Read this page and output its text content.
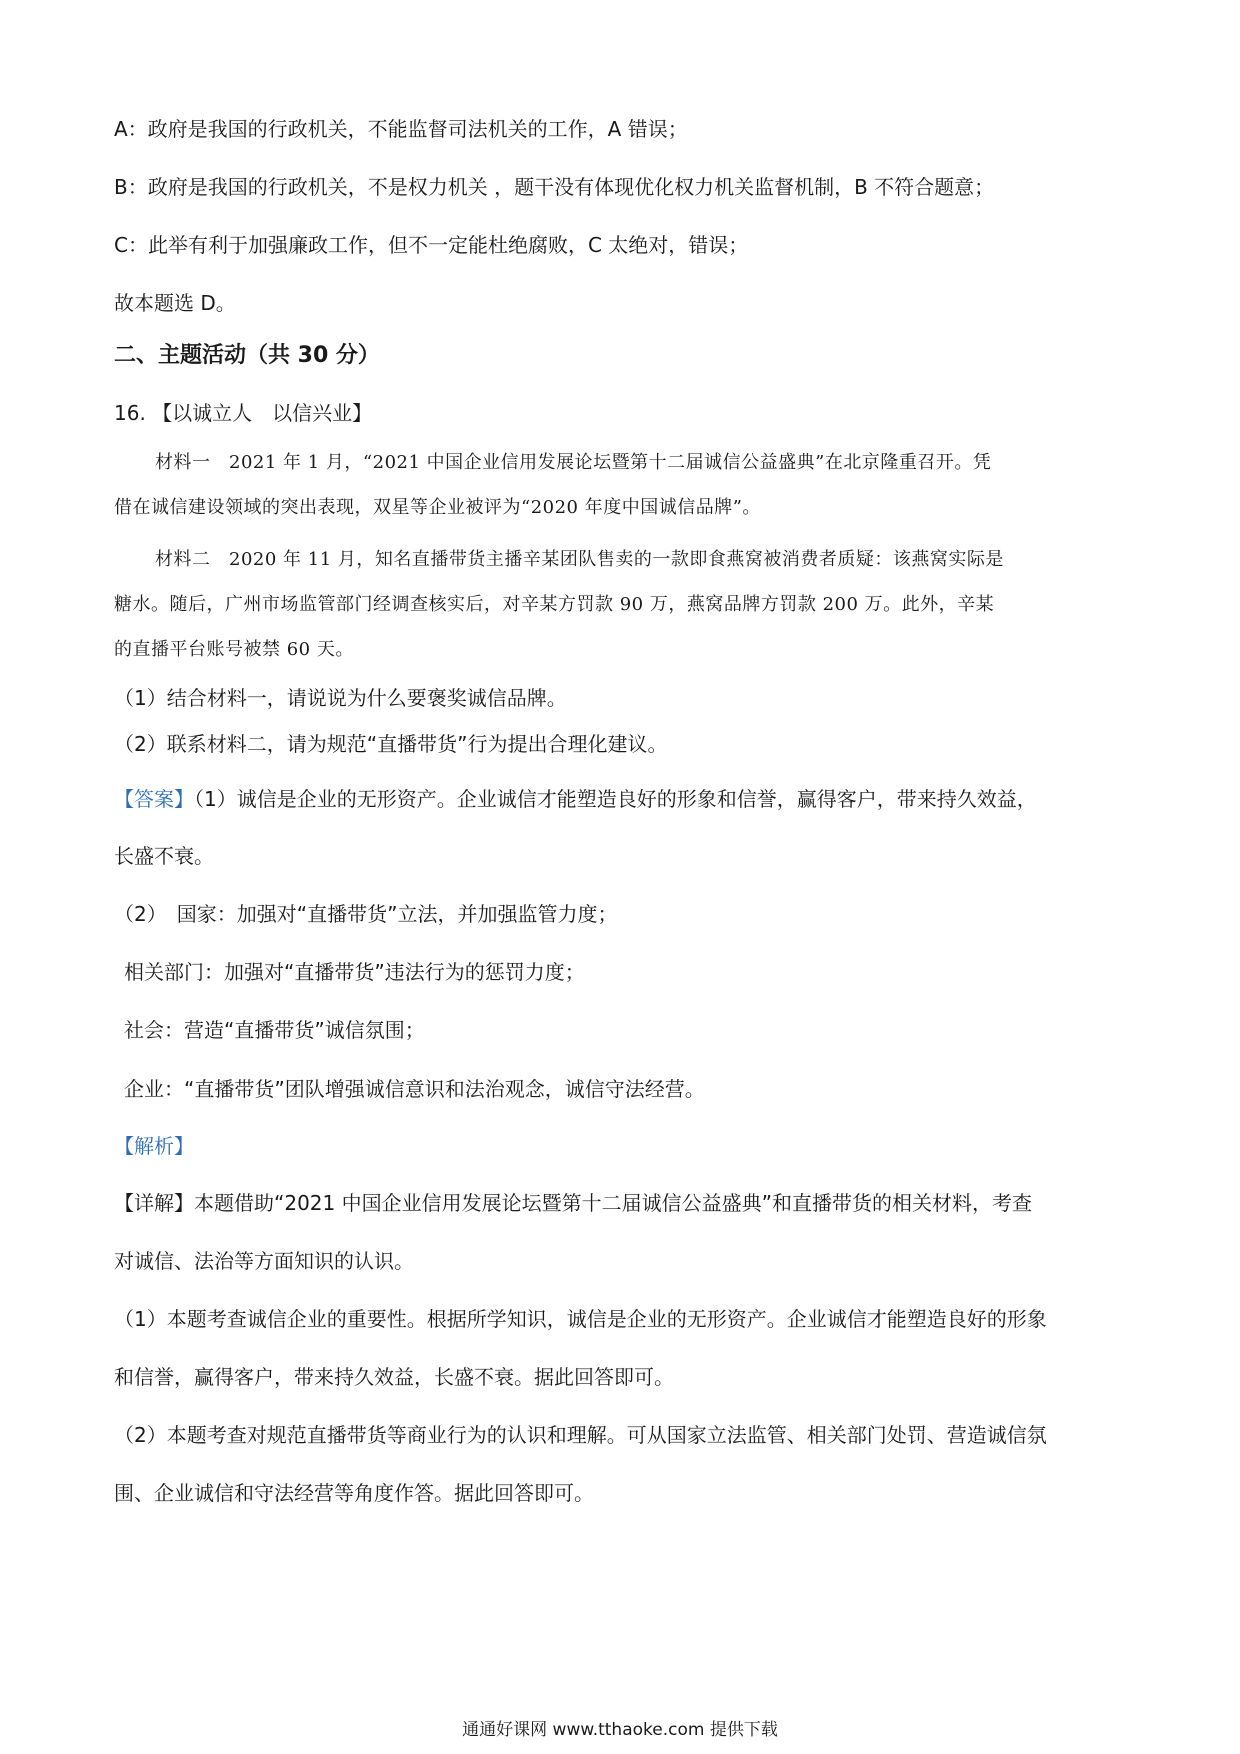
A：政府是我国的行政机关，不能监督司法机关的工作，A 错误；
B：政府是我国的行政机关，不是权力机关 ，题干没有体现优化权力机关监督机制，B 不符合题意；
C：此举有利于加强廉政工作，但不一定能杜绝腐败，C 太绝对，错误；
故本题选 D。
二、主题活动（共 30 分）
16. 【以诚立人　以信兴业】
材料一　2021 年 1 月，“2021 中国企业信用发展论坛暨第十二届诚信公益盛典”在北京隆重召开。凭
借在诚信建设领域的突出表现，双星等企业被评为“2020 年度中国诚信品牌”。
材料二　2020 年 11 月，知名直播带货主播辛某团队售卖的一款即食燕窝被消费者质疑：该燕窝实际是
糖水。随后，广州市场监管部门经调查核实后，对辛某方罚款 90 万，燕窝品牌方罚款 200 万。此外，辛某
的直播平台账号被禁 60 天。
（1）结合材料一，请说说为什么要褒奖诚信品牌。
（2）联系材料二，请为规范“直播带货”行为提出合理化建议。
【答案】（1）诚信是企业的无形资产。企业诚信才能塑造良好的形象和信誉，赢得客户，带来持久效益，
长盛不衰。
（2）　国家：加强对“直播带货”立法，并加强监管力度；
相关部门：加强对“直播带货”违法行为的惩罚力度；
社会：营造“直播带货”诚信氛围；
企业：“直播带货”团队增强诚信意识和法治观念，诚信守法经营。
【解析】
【详解】本题借助“2021 中国企业信用发展论坛暨第十二届诚信公益盛典”和直播带货的相关材料，考查
对诚信、法治等方面知识的认识。
（1）本题考查诚信企业的重要性。根据所学知识，诚信是企业的无形资产。企业诚信才能塑造良好的形象
和信誉，赢得客户，带来持久效益，长盛不衰。据此回答即可。
（2）本题考查对规范直播带货等商业行为的认识和理解。可从国家立法监管、相关部门处罚、营造诚信氛
围、企业诚信和守法经营等角度作答。据此回答即可。
通通好课网 www.tthaoke.com 提供下载
